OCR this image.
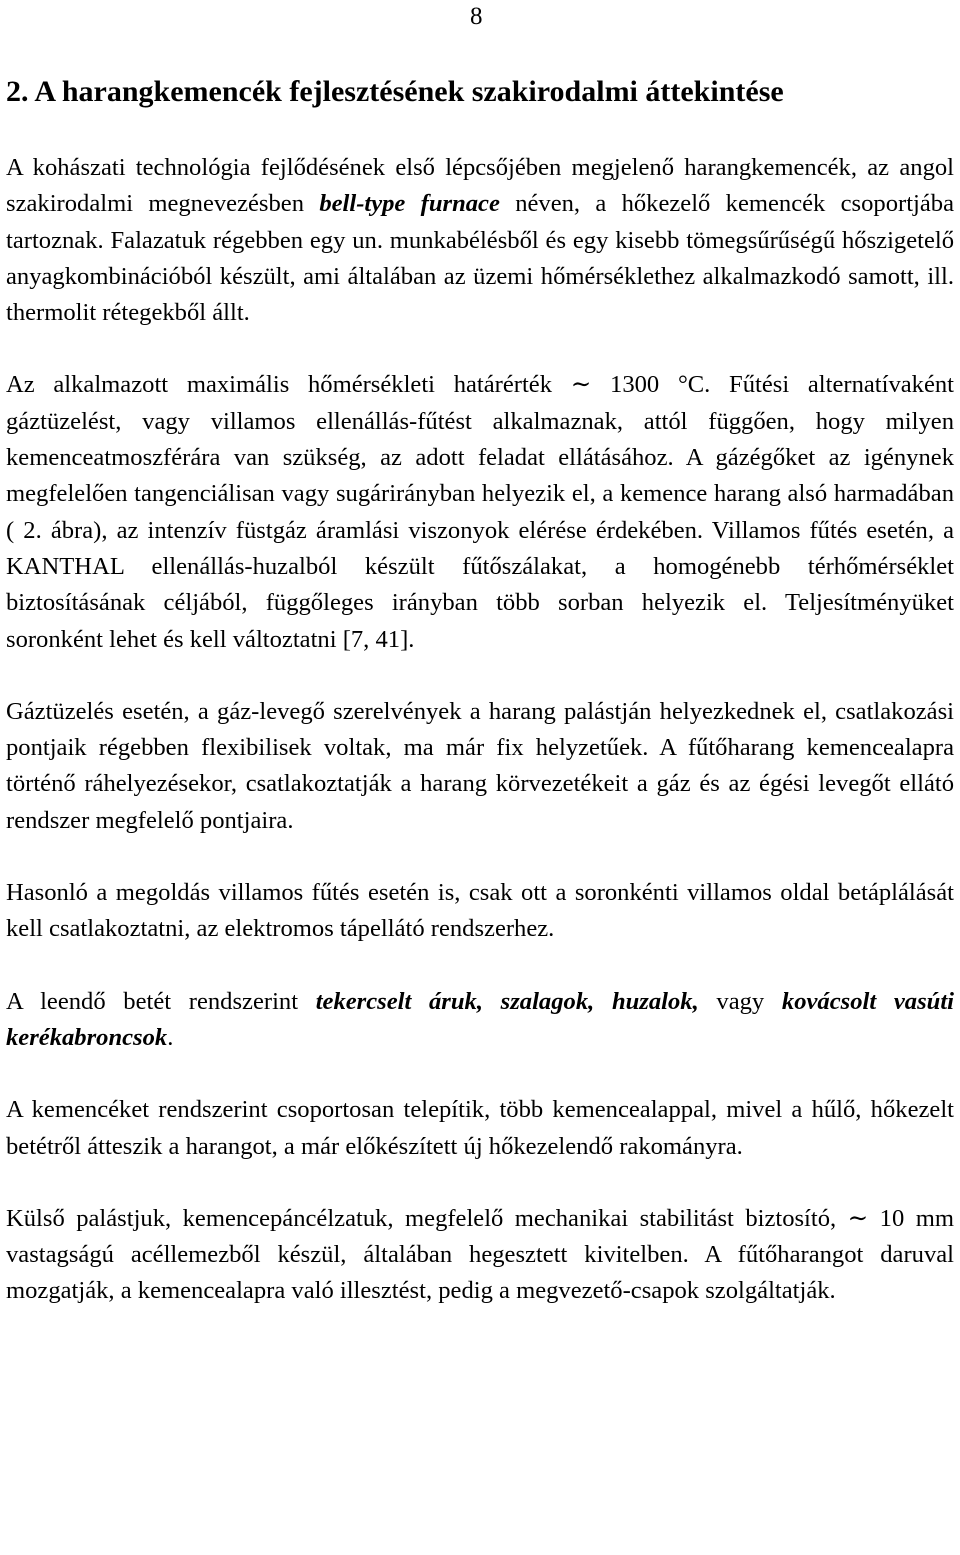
8
2. A harangkemencék fejlesztésének szakirodalmi áttekintése

A kohászati technológia fejlődésének első lépcsőjében megjelenő harangkemencék, az angol szakirodalmi megnevezésben bell-type furnace néven, a hőkezelő kemencék csoportjába tartoznak. Falazatuk régebben egy un. munkabélésből és egy kisebb tömegsűrűségű hőszigetelő anyagkombinációból készült, ami általában az üzemi hőmérséklethez alkalmazkodó samott, ill. thermolit rétegekből állt.

Az alkalmazott maximális hőmérsékleti határérték ∼ 1300 °C. Fűtési alternatívaként gáztüzelést, vagy villamos ellenállás-fűtést alkalmaznak, attól függően, hogy milyen kemenceatmoszférára van szükség, az adott feladat ellátásához. A gázégőket az igénynek megfelelően tangenciálisan vagy sugárirányban helyezik el, a kemence harang alsó harmadában ( 2. ábra), az intenzív füstgáz áramlási viszonyok elérése érdekében. Villamos fűtés esetén, a KANTHAL ellenállás-huzalból készült fűtőszálakat, a homogénebb térhőmérséklet biztosításának céljából, függőleges irányban több sorban helyezik el. Teljesítményüket soronként lehet és kell változtatni [7, 41].

Gáztüzelés esetén, a gáz-levegő szerelvények a harang palástján helyezkednek el, csatlakozási pontjaik régebben flexibilisek voltak, ma már fix helyzetűek. A fűtőharang kemencealapra történő ráhelyezésekor, csatlakoztatják a harang körvezetékeit a gáz és az égési levegőt ellátó rendszer megfelelő pontjaira.

Hasonló a megoldás villamos fűtés esetén is, csak ott a soronkénti villamos oldal betáplálását kell csatlakoztatni, az elektromos tápellátó rendszerhez.

A leendő betét rendszerint tekercselt áruk, szalagok, huzalok, vagy kovácsolt vasúti kerékabroncsok.

A kemencéket rendszerint csoportosan telepítik, több kemencealappal, mivel a hűlő, hőkezelt betétről átteszik a harangot, a már előkészített új hőkezelendő rakományra.

Külső palástjuk, kemencepáncélzatuk, megfelelő mechanikai stabilitást biztosító, ∼ 10 mm vastagságú acéllemezből készül, általában hegesztett kivitelben. A fűtőharangot daruval mozgatják, a kemencealapra való illesztést, pedig a megvezető-csapok szolgáltatják.
